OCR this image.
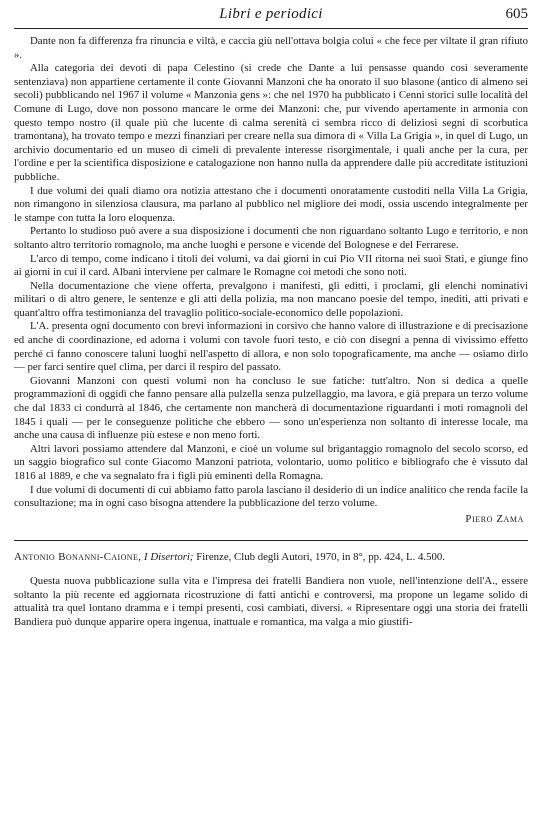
Libri e periodici	605

Dante non fa differenza fra rinuncia e viltà, e caccia giù nell'ottava bolgia colui « che fece per viltate il gran rifiuto ».

Alla categoria dei devoti di papa Celestino (si crede che Dante a lui pensasse quando così severamente sentenziava) non appartiene certamente il conte Giovanni Manzoni che ha onorato il suo blasone (antico di almeno sei secoli) pubblicando nel 1967 il volume « Manzonia gens »: che nel 1970 ha pubblicato i Cenni storici sulle località del Comune di Lugo, dove non possono mancare le orme dei Manzoni: che, pur vivendo apertamente in armonia con questo tempo nostro (il quale più che lucente di calma serenità ci sembra ricco di deliziosi segni di scorbutica tramontana), ha trovato tempo e mezzi finanziari per creare nella sua dimora di « Villa La Grigia », in quel di Lugo, un archivio documentario ed un museo di cimeli di prevalente interesse risorgimentale, i quali anche per la cura, per l'ordine e per la scientifica disposizione e catalogazione non hanno nulla da apprendere dalle più accreditate istituzioni pubbliche.

I due volumi dei quali diamo ora notizia attestano che i documenti onoratamente custoditi nella Villa La Grigia, non rimangono in silenziosa clausura, ma parlano al pubblico nel migliore dei modi, ossia uscendo integralmente per le stampe con tutta la loro eloquenza.

Pertanto lo studioso può avere a sua disposizione i documenti che non riguardano soltanto Lugo e territorio, e non soltanto altro territorio romagnolo, ma anche luoghi e persone e vicende del Bolognese e del Ferrarese.

L'arco di tempo, come indicano i titoli dei volumi, va dai giorni in cui Pio VII ritorna nei suoi Stati, e giunge fino ai giorni in cui il card. Albani interviene per calmare le Romagne coi metodi che sono noti.

Nella documentazione che viene offerta, prevalgono i manifesti, gli editti, i proclami, gli elenchi nominativi militari o di altro genere, le sentenze e gli atti della polizia, ma non mancano poesie del tempo, inediti, atti privati e quant'altro offra testimonianza del travaglio politico-sociale-economico delle popolazioni.

L'A. presenta ogni documento con brevi informazioni in corsivo che hanno valore di illustrazione e di precisazione ed anche di coordinazione, ed adorna i volumi con tavole fuori testo, e ciò con disegni a penna di vivissimo effetto perché ci fanno conoscere taluni luoghi nell'aspetto di allora, e non solo topograficamente, ma anche — osiamo dirlo — per farci sentire quel clima, per darci il respiro del passato.

Giovanni Manzoni con questi volumi non ha concluso le sue fatiche: tutt'altro. Non si dedica a quelle programmazioni di oggidì che fanno pensare alla pulzella senza pulzellaggio, ma lavora, e già prepara un terzo volume che dal 1833 ci condurrà al 1846, che certamente non mancherà di documentazione riguardanti i moti romagnoli del 1845 i quali — per le conseguenze politiche che ebbero — sono un'esperienza non soltanto di interesse locale, ma anche una causa di influenze più estese e non meno forti.

Altri lavori possiamo attendere dal Manzoni, e cioè un volume sul brigantaggio romagnolo del secolo scorso, ed un saggio biografico sul conte Giacomo Manzoni patriota, volontario, uomo politico e bibliografo che è vissuto dal 1816 al 1889, e che va segnalato fra i figli più eminenti della Romagna.

I due volumi di documenti di cui abbiamo fatto parola lasciano il desiderio di un indice analitico che renda facile la consultazione; ma in ogni caso bisogna attendere la pubblicazione del terzo volume.

Piero Zama

Antonio Bonanni-Caione, I Disertori; Firenze, Club degli Autori, 1970, in 8°, pp. 424, L. 4.500.

Questa nuova pubblicazione sulla vita e l'impresa dei fratelli Bandiera non vuole, nell'intenzione dell'A., essere soltanto la più recente ed aggiornata ricostruzione di fatti antichi e controversi, ma propone un legame solido di attualità tra quel lontano dramma e i tempi presenti, così cambiati, diversi. « Ripresentare oggi una storia dei fratelli Bandiera può dunque apparire opera ingenua, inattuale e romantica, ma valga a mio giustifi-
